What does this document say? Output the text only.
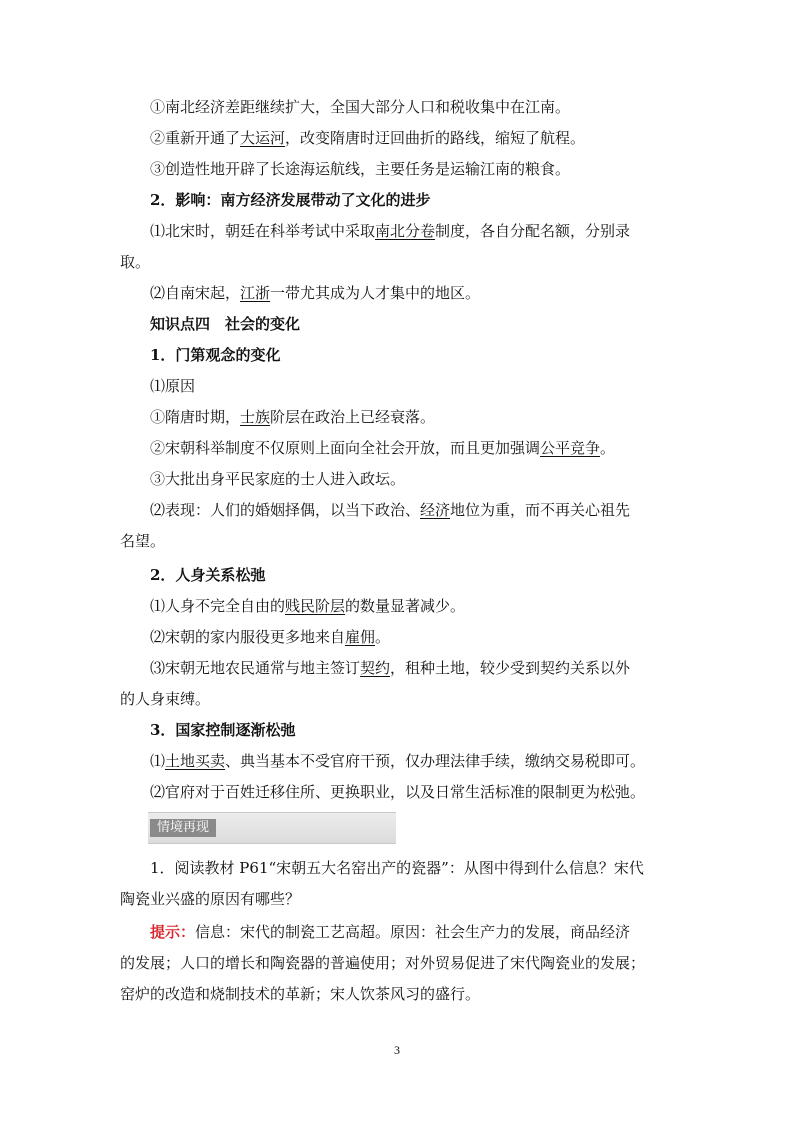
①南北经济差距继续扩大，全国大部分人口和税收集中在江南。
②重新开通了大运河，改变隋唐时迂回曲折的路线，缩短了航程。
③创造性地开辟了长途海运航线，主要任务是运输江南的粮食。
2．影响：南方经济发展带动了文化的进步
⑴北宋时，朝廷在科举考试中采取南北分卷制度，各自分配名额，分别录
取。
⑵自南宋起，江浙一带尤其成为人才集中的地区。
知识点四　社会的变化
1．门第观念的变化
⑴原因
①隋唐时期，士族阶层在政治上已经衰落。
②宋朝科举制度不仅原则上面向全社会开放，而且更加强调公平竞争。
③大批出身平民家庭的士人进入政坛。
⑵表现：人们的婚姻择偶，以当下政治、经济地位为重，而不再关心祖先
名望。
2．人身关系松弛
⑴人身不完全自由的贱民阶层的数量显著减少。
⑵宋朝的家内服役更多地来自雇佣。
⑶宋朝无地农民通常与地主签订契约，租种土地，较少受到契约关系以外
的人身束缚。
3．国家控制逐渐松弛
⑴土地买卖、典当基本不受官府干预，仅办理法律手续，缴纳交易税即可。
⑵官府对于百姓迁移住所、更换职业，以及日常生活标准的限制更为松弛。
情境再现
1．阅读教材 P61“宋朝五大名窑出产的瓷器”：从图中得到什么信息？宋代
陶瓷业兴盛的原因有哪些？
提示：信息：宋代的制瓷工艺高超。原因：社会生产力的发展，商品经济
的发展；人口的增长和陶瓷器的普遍使用；对外贸易促进了宋代陶瓷业的发展；
窑炉的改造和烧制技术的革新；宋人饮茶风习的盛行。
3
